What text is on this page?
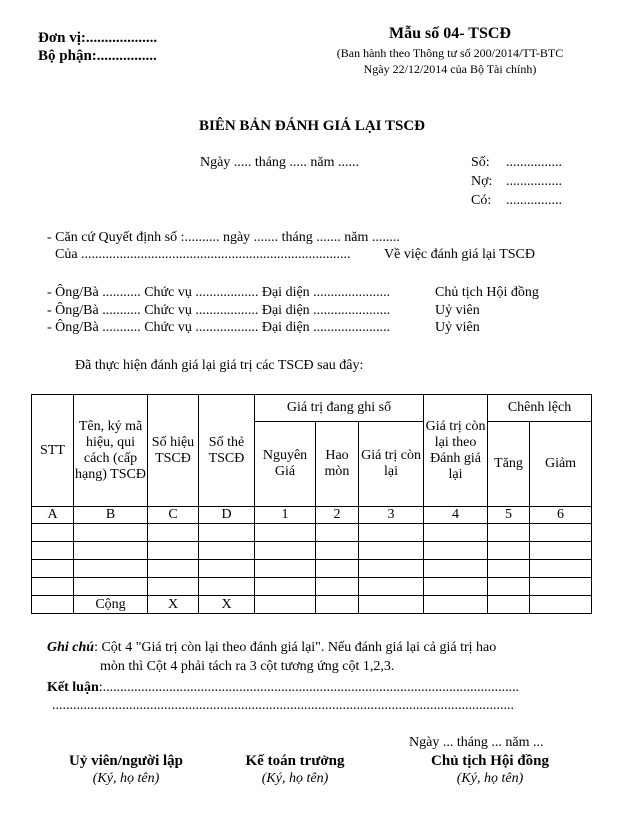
Đơn vị:...................
Bộ phận:................
Mẫu số 04- TSCĐ
(Ban hành theo Thông tư số 200/2014/TT-BTC
Ngày 22/12/2014 của Bộ Tài chính)
BIÊN BẢN ĐÁNH GIÁ LẠI TSCĐ
Ngày ..... tháng ..... năm ......	Số: ................
Nợ: ................
Có: ................
- Căn cứ Quyết định số :.......... ngày ....... tháng ....... năm ........
Của ............................................................................. Về việc đánh giá lại TSCĐ
- Ông/Bà ........... Chức vụ .................. Đại diện ......................	Chủ tịch Hội đồng
- Ông/Bà ........... Chức vụ .................. Đại diện ......................	Uỷ viên
- Ông/Bà ........... Chức vụ .................. Đại diện ......................	Uỷ viên
Đã thực hiện đánh giá lại giá trị các TSCĐ sau đây:
STT	Tên, ký mã hiệu, qui cách (cấp hạng) TSCĐ	Số hiệu TSCĐ	Số thẻ TSCĐ	Giá trị đang ghi sổ			Giá trị còn lại theo Đánh giá lại	Chênh lệch	
				Nguyên Giá	Hao mòn	Giá trị còn lại		Tăng	Giảm
A	B	C	D	1	2	3	4	5	6

	Cộng	X	X						
Ghi chú: Cột 4 "Giá trị còn lại theo đánh giá lại". Nếu đánh giá lại cả giá trị hao
mòn thì Cột 4 phải tách ra 3 cột tương ứng cột 1,2,3.
Kết luận:.......................................................................................................................
....................................................................................................................................
Ngày ... tháng ... năm ...
Uỷ viên/người lập
(Ký, họ tên)
Kế toán trưởng
(Ký, họ tên)
Chủ tịch Hội đồng
(Ký, họ tên)
